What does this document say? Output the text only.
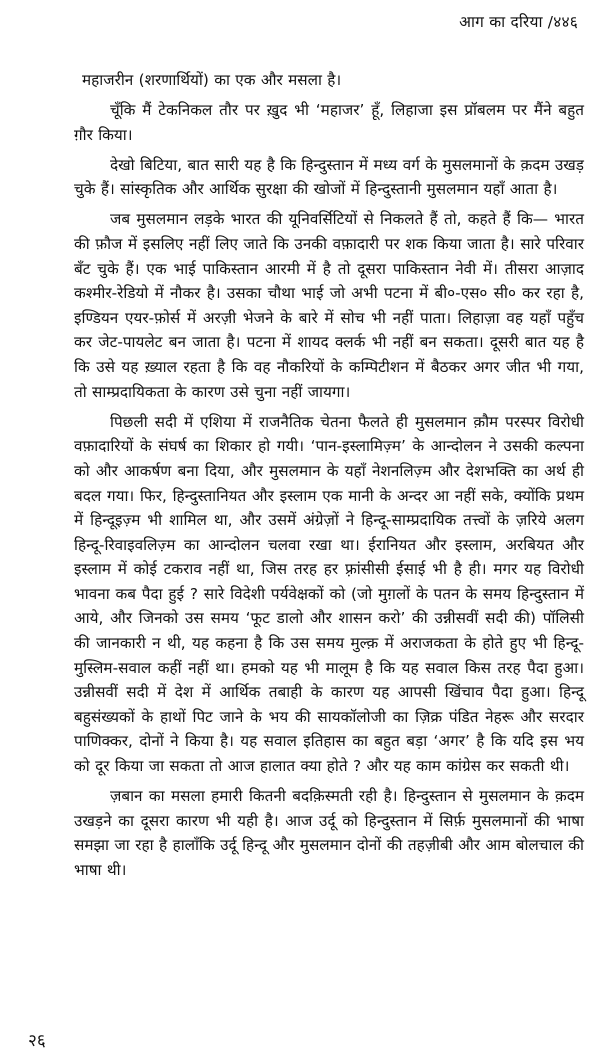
आग का दरिया /४४६

महाजरीन (शरणार्थियों) का एक और मसला है।

चूँकि मैं टेकनिकल तौर पर ख़ुद भी ‘महाजर’ हूँ, लिहाजा इस प्रॉबलम पर मैंने बहुत ग़ौर किया।

देखो बिटिया, बात सारी यह है कि हिन्दुस्तान में मध्य वर्ग के मुसलमानों के क़दम उखड़ चुके हैं। सांस्कृतिक और आर्थिक सुरक्षा की खोजों में हिन्दुस्तानी मुसलमान यहाँ आता है।

जब मुसलमान लड़के भारत की यूनिवर्सिटियों से निकलते हैं तो, कहते हैं कि— भारत की फ़ौज में इसलिए नहीं लिए जाते कि उनकी वफ़ादारी पर शक किया जाता है। सारे परिवार बँट चुके हैं। एक भाई पाकिस्तान आरमी में है तो दूसरा पाकिस्तान नेवी में। तीसरा आज़ाद कश्मीर-रेडियो में नौकर है। उसका चौथा भाई जो अभी पटना में बी०-एस० सी० कर रहा है, इण्डियन एयर-फ़ोर्स में अरज़ी भेजने के बारे में सोच भी नहीं पाता। लिहाज़ा वह यहाँ पहुँच कर जेट-पायलेट बन जाता है। पटना में शायद क्लर्क भी नहीं बन सकता। दूसरी बात यह है कि उसे यह ख़्याल रहता है कि वह नौकरियों के कम्पिटीशन में बैठकर अगर जीत भी गया, तो साम्प्रदायिकता के कारण उसे चुना नहीं जायगा।

पिछली सदी में एशिया में राजनैतिक चेतना फैलते ही मुसलमान क़ौम परस्पर विरोधी वफ़ादारियों के संघर्ष का शिकार हो गयी। ‘पान-इस्लामिज़्म’ के आन्दोलन ने उसकी कल्पना को और आकर्षण बना दिया, और मुसलमान के यहाँ नेशनलिज़्म और देशभक्ति का अर्थ ही बदल गया। फिर, हिन्दुस्तानियत और इस्लाम एक मानी के अन्दर आ नहीं सके, क्योंकि प्रथम में हिन्दूइज़्म भी शामिल था, और उसमें अंग्रेज़ों ने हिन्दू-साम्प्रदायिक तत्त्वों के ज़रिये अलग हिन्दू-रिवाइवलिज़्म का आन्दोलन चलवा रखा था। ईरानियत और इस्लाम, अरबियत और इस्लाम में कोई टकराव नहीं था, जिस तरह हर फ़्रांसीसी ईसाई भी है ही। मगर यह विरोधी भावना कब पैदा हुई ? सारे विदेशी पर्यवेक्षकों को (जो मुग़लों के पतन के समय हिन्दुस्तान में आये, और जिनको उस समय ‘फूट डालो और शासन करो’ की उन्नीसवीं सदी की) पॉलिसी की जानकारी न थी, यह कहना है कि उस समय मुल्क़ में अराजकता के होते हुए भी हिन्दू-मुस्लिम-सवाल कहीं नहीं था। हमको यह भी मालूम है कि यह सवाल किस तरह पैदा हुआ। उन्नीसवीं सदी में देश में आर्थिक तबाही के कारण यह आपसी खिंचाव पैदा हुआ। हिन्दू बहुसंख्यकों के हाथों पिट जाने के भय की सायकॉलोजी का ज़िक्र पंडित नेहरू और सरदार पाणिक्कर, दोनों ने किया है। यह सवाल इतिहास का बहुत बड़ा ‘अगर’ है कि यदि इस भय को दूर किया जा सकता तो आज हालात क्या होते ? और यह काम कांग्रेस कर सकती थी।

ज़बान का मसला हमारी कितनी बदक़िस्मती रही है। हिन्दुस्तान से मुसलमान के क़दम उखड़ने का दूसरा कारण भी यही है। आज उर्दू को हिन्दुस्तान में सिर्फ़ मुसलमानों की भाषा समझा जा रहा है हालाँकि उर्दू हिन्दू और मुसलमान दोनों की तहज़ीबी और आम बोलचाल की भाषा थी।

२६
